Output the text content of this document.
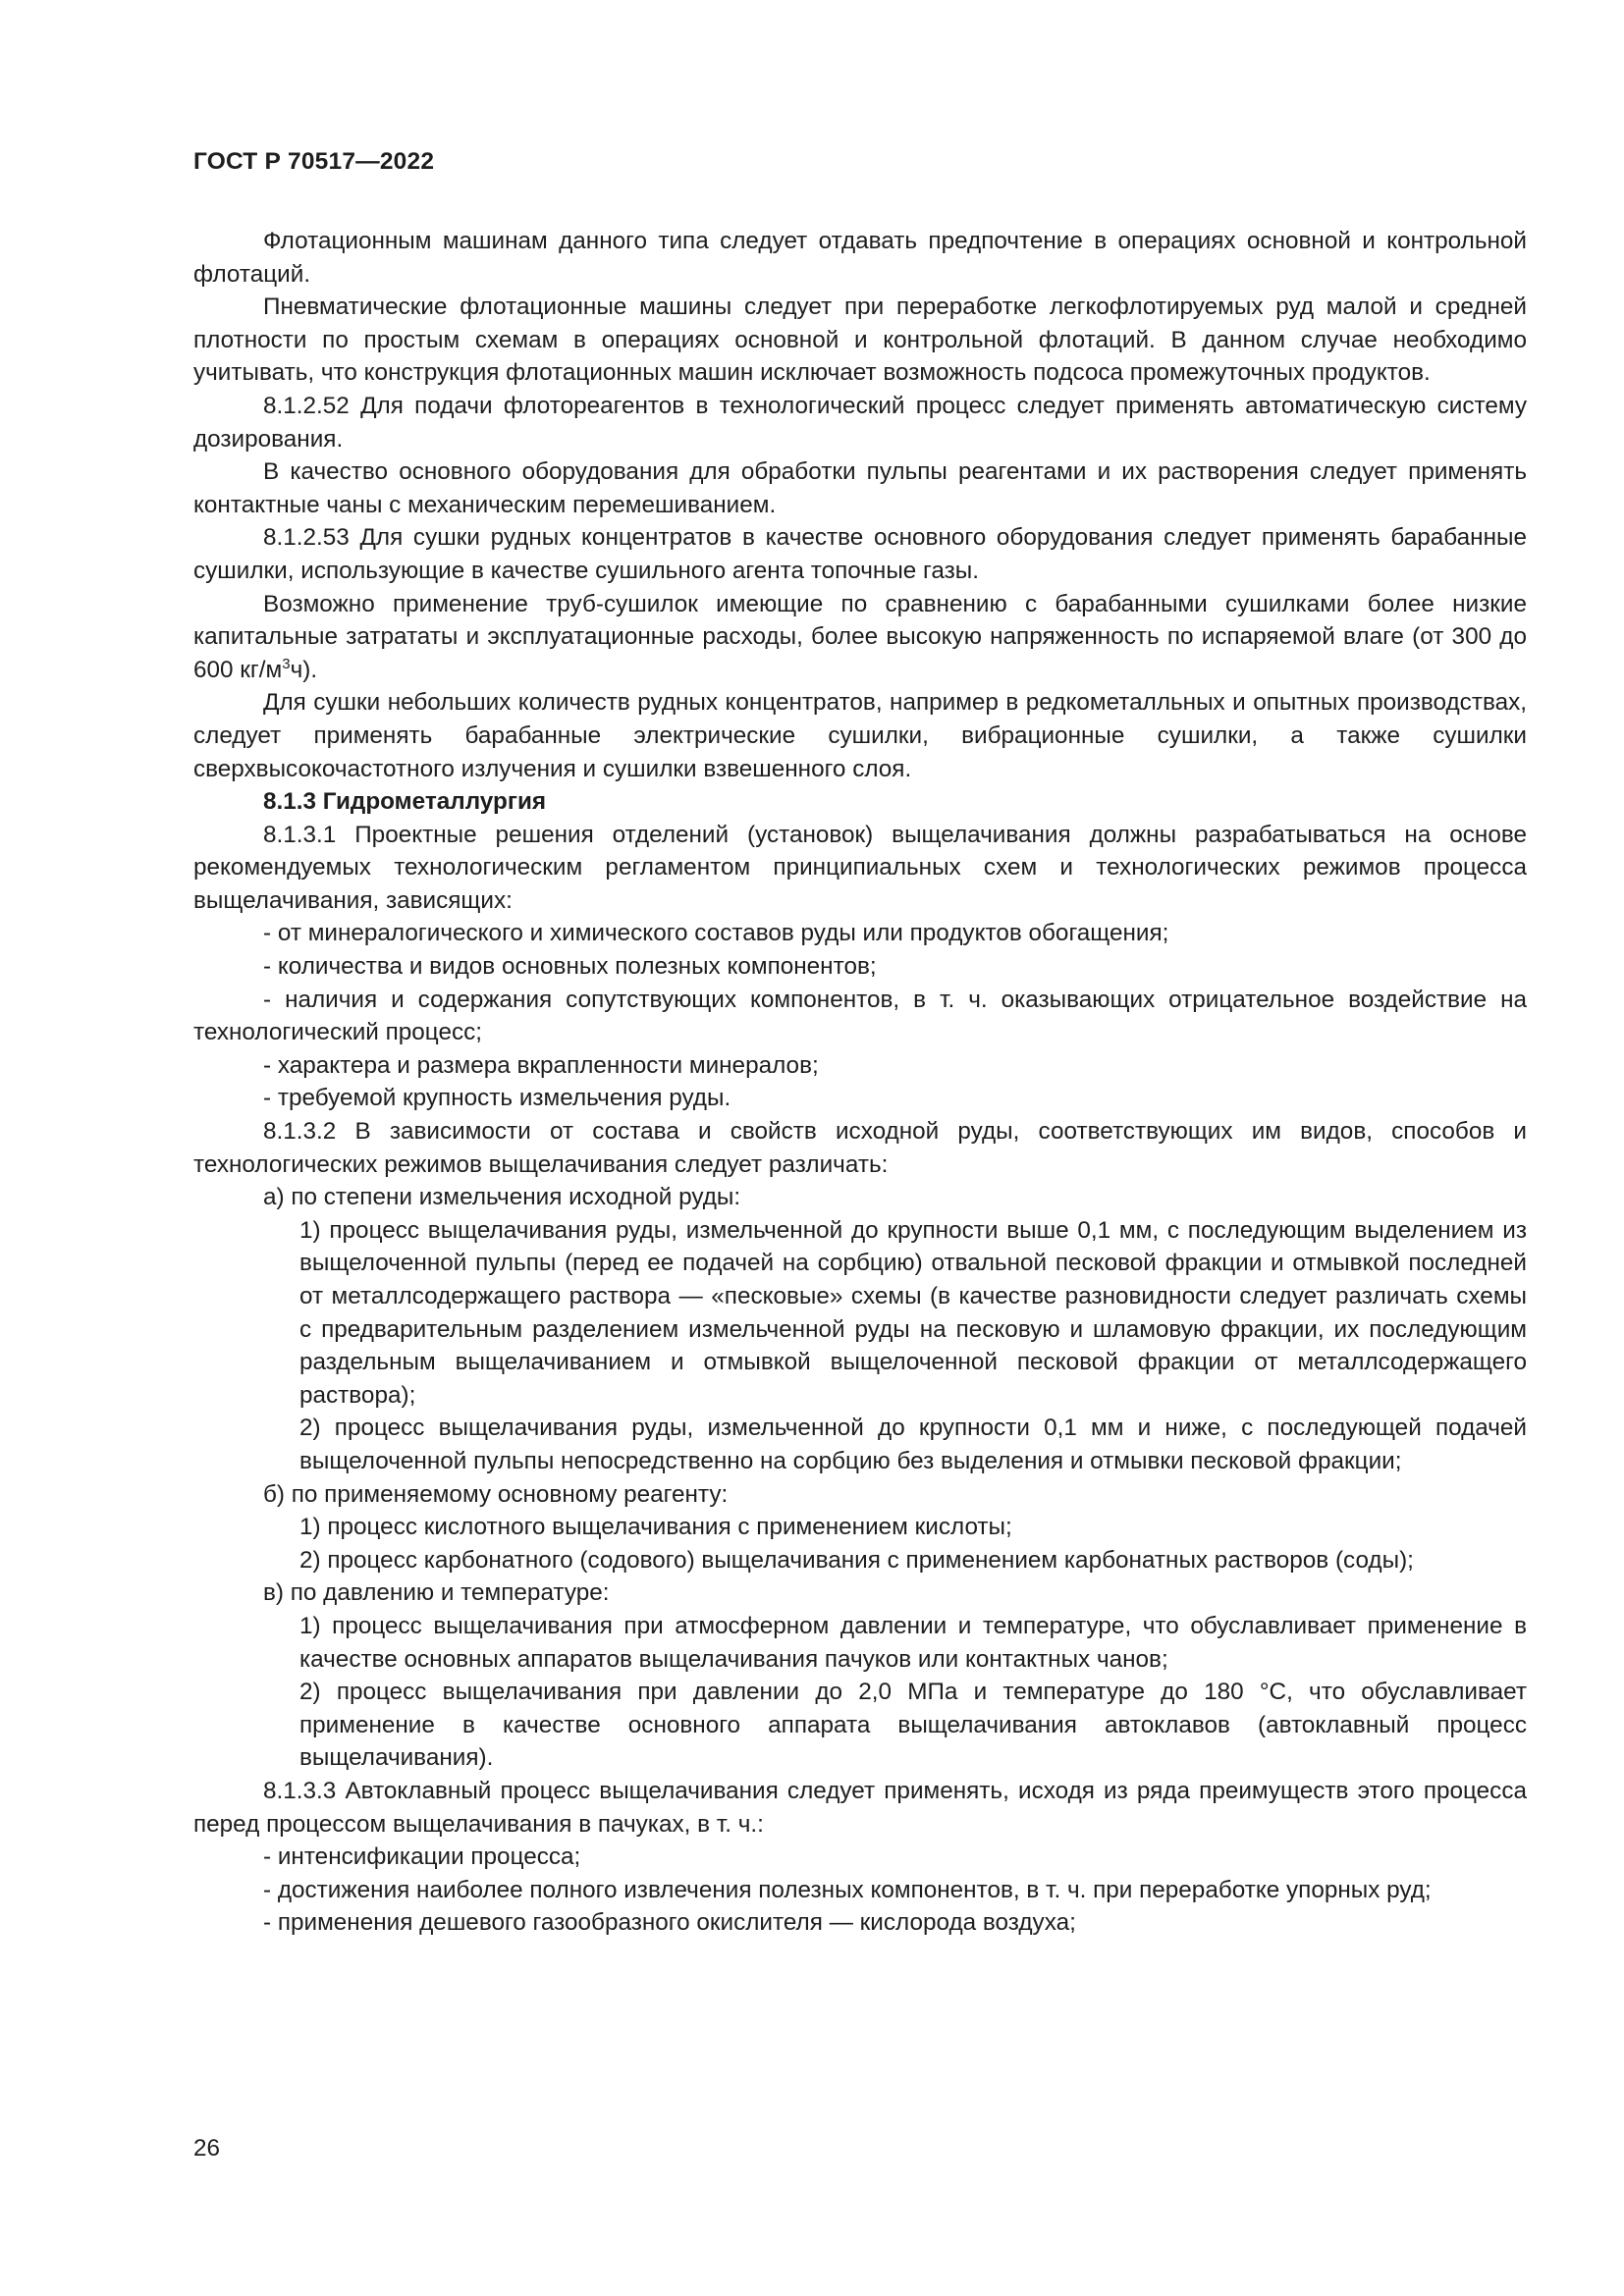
ГОСТ Р 70517—2022

Флотационным машинам данного типа следует отдавать предпочтение в операциях основной и контрольной флотаций.

Пневматические флотационные машины следует при переработке легкофлотируемых руд малой и средней плотности по простым схемам в операциях основной и контрольной флотаций. В данном случае необходимо учитывать, что конструкция флотационных машин исключает возможность подсоса промежуточных продуктов.

8.1.2.52 Для подачи флотореагентов в технологический процесс следует применять автоматическую систему дозирования.

В качество основного оборудования для обработки пульпы реагентами и их растворения следует применять контактные чаны с механическим перемешиванием.

8.1.2.53 Для сушки рудных концентратов в качестве основного оборудования следует применять барабанные сушилки, использующие в качестве сушильного агента топочные газы.

Возможно применение труб-сушилок имеющие по сравнению с барабанными сушилками более низкие капитальные затрататы и эксплуатационные расходы, более высокую напряженность по испаряемой влаге (от 300 до 600 $кг/м^3ч$).

Для сушки небольших количеств рудных концентратов, например в редкометалльных и опытных производствах, следует применять барабанные электрические сушилки, вибрационные сушилки, а также сушилки сверхвысокочастотного излучения и сушилки взвешенного слоя.

8.1.3 Гидрометаллургия

8.1.3.1 Проектные решения отделений (установок) выщелачивания должны разрабатываться на основе рекомендуемых технологическим регламентом принципиальных схем и технологических режимов процесса выщелачивания, зависящих:

- от минералогического и химического составов руды или продуктов обогащения;

- количества и видов основных полезных компонентов;

- наличия и содержания сопутствующих компонентов, в т. ч. оказывающих отрицательное воздействие на технологический процесс;

- характера и размера вкрапленности минералов;

- требуемой крупность измельчения руды.

8.1.3.2 В зависимости от состава и свойств исходной руды, соответствующих им видов, способов и технологических режимов выщелачивания следует различать:

а) по степени измельчения исходной руды:

1) процесс выщелачивания руды, измельченной до крупности выше 0,1 мм, с последующим выделением из выщелоченной пульпы (перед ее подачей на сорбцию) отвальной песковой фракции и отмывкой последней от металлсодержащего раствора — «песковые» схемы (в качестве разновидности следует различать схемы с предварительным разделением измельченной руды на песковую и шламовую фракции, их последующим раздельным выщелачиванием и отмывкой выщелоченной песковой фракции от металлсодержащего раствора);

2) процесс выщелачивания руды, измельченной до крупности 0,1 мм и ниже, с последующей подачей выщелоченной пульпы непосредственно на сорбцию без выделения и отмывки песковой фракции;

б) по применяемому основному реагенту:

1) процесс кислотного выщелачивания с применением кислоты;

2) процесс карбонатного (содового) выщелачивания с применением карбонатных растворов (соды);

в) по давлению и температуре:

1) процесс выщелачивания при атмосферном давлении и температуре, что обуславливает применение в качестве основных аппаратов выщелачивания пачуков или контактных чанов;

2) процесс выщелачивания при давлении до 2,0 МПа и температуре до 180 °С, что обуславливает применение в качестве основного аппарата выщелачивания автоклавов (автоклавный процесс выщелачивания).

8.1.3.3 Автоклавный процесс выщелачивания следует применять, исходя из ряда преимуществ этого процесса перед процессом выщелачивания в пачуках, в т. ч.:

- интенсификации процесса;

- достижения наиболее полного извлечения полезных компонентов, в т. ч. при переработке упорных руд;

- применения дешевого газообразного окислителя — кислорода воздуха;

26
